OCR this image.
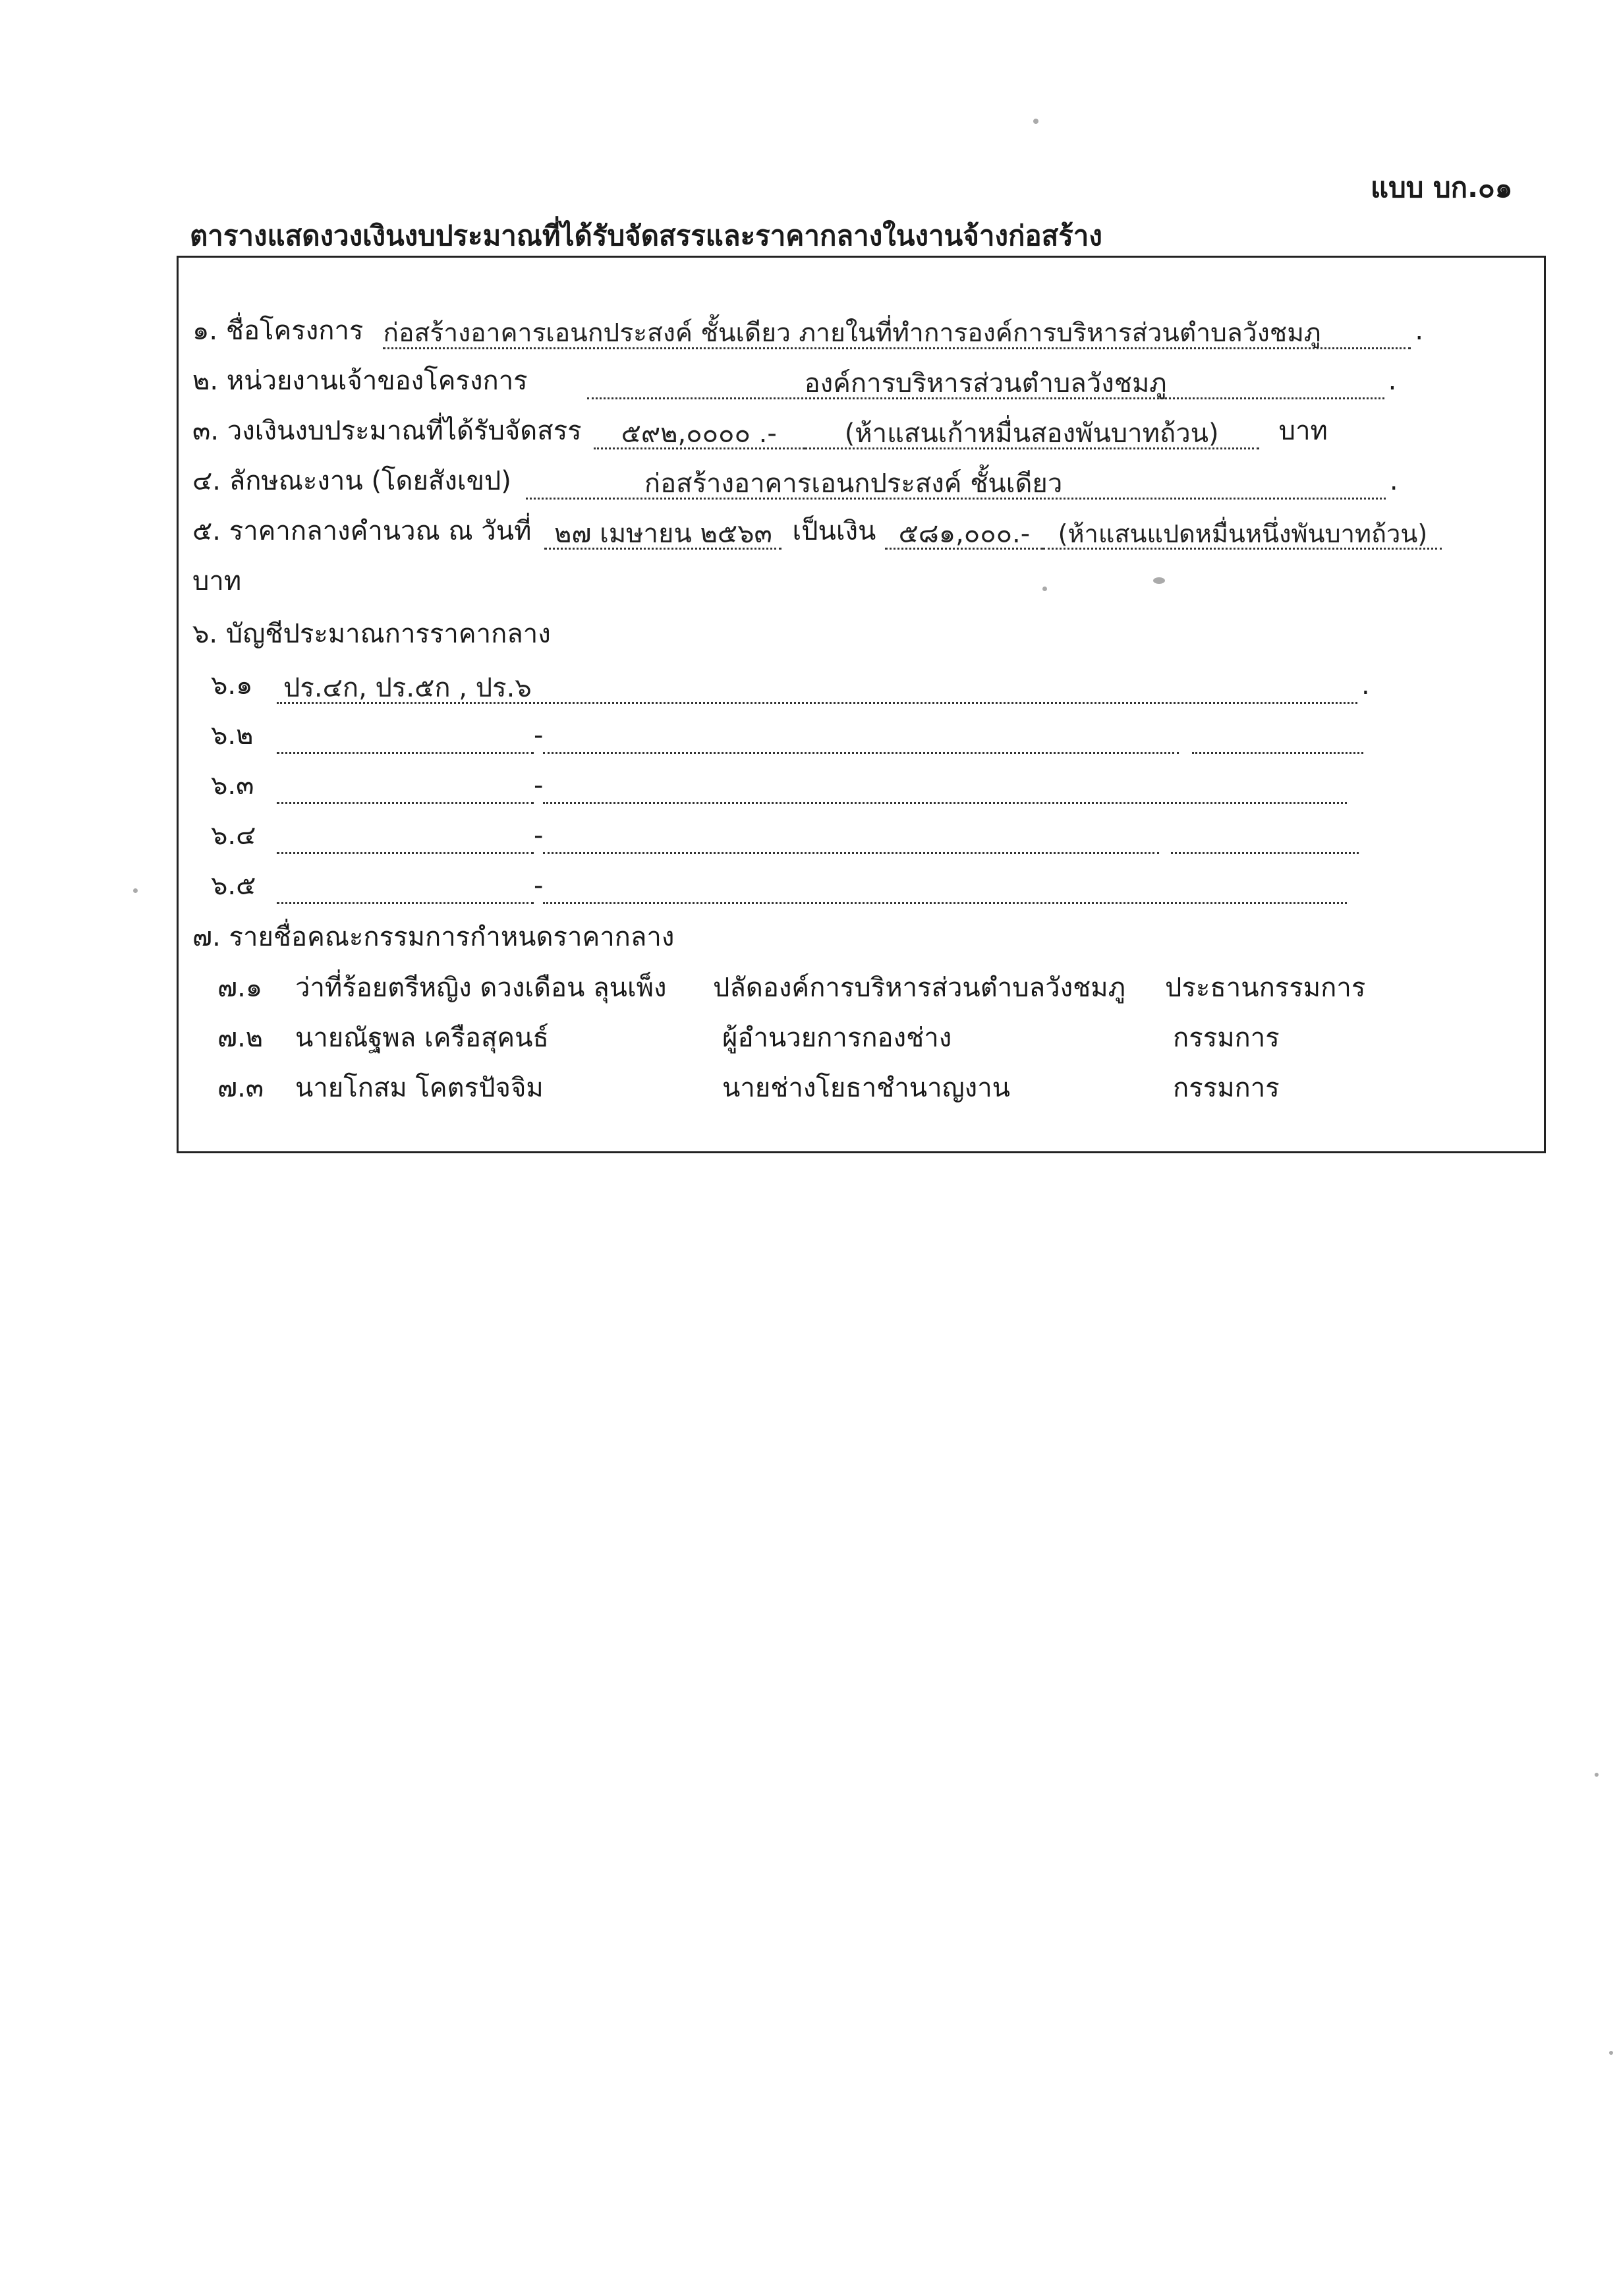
แบบ บก.๐๑
ตารางแสดงวงเงินงบประมาณที่ได้รับจัดสรรและราคากลางในงานจ้างก่อสร้าง
๑. ชื่อโครงการ ก่อสร้างอาคารเอนกประสงค์ ชั้นเดียว ภายในที่ทำการองค์การบริหารส่วนตำบลวังชมภู	.
๒. หน่วยงานเจ้าของโครงการ	องค์การบริหารส่วนตำบลวังชมภู	.
๓. วงเงินงบประมาณที่ได้รับจัดสรร	๕๙๒,๐๐๐๐ .-	(ห้าแสนเก้าหมื่นสองพันบาทถ้วน)	บาท
๔. ลักษณะงาน (โดยสังเขป)	ก่อสร้างอาคารเอนกประสงค์ ชั้นเดียว	.
๕. ราคากลางคำนวณ ณ วันที่ ๒๗ เมษายน ๒๕๖๓ เป็นเงิน ๕๘๑,๐๐๐.-	(ห้าแสนแปดหมื่นหนึ่งพันบาทถ้วน)
บาท
๖. บัญชีประมาณการราคากลาง
๖.๑	ปร.๔ก, ปร.๕ก , ปร.๖	.
๖.๒	-
๖.๓	-
๖.๔	-
๖.๕	-
๗. รายชื่อคณะกรรมการกำหนดราคากลาง
๗.๑ ว่าที่ร้อยตรีหญิง ดวงเดือน ลุนเพ็ง ปลัดองค์การบริหารส่วนตำบลวังชมภู ประธานกรรมการ
๗.๒ นายณัฐพล เครือสุคนธ์	ผู้อำนวยการกองช่าง	กรรมการ
๗.๓ นายโกสม โคตรปัจจิม	นายช่างโยธาชำนาญงาน	กรรมการ
